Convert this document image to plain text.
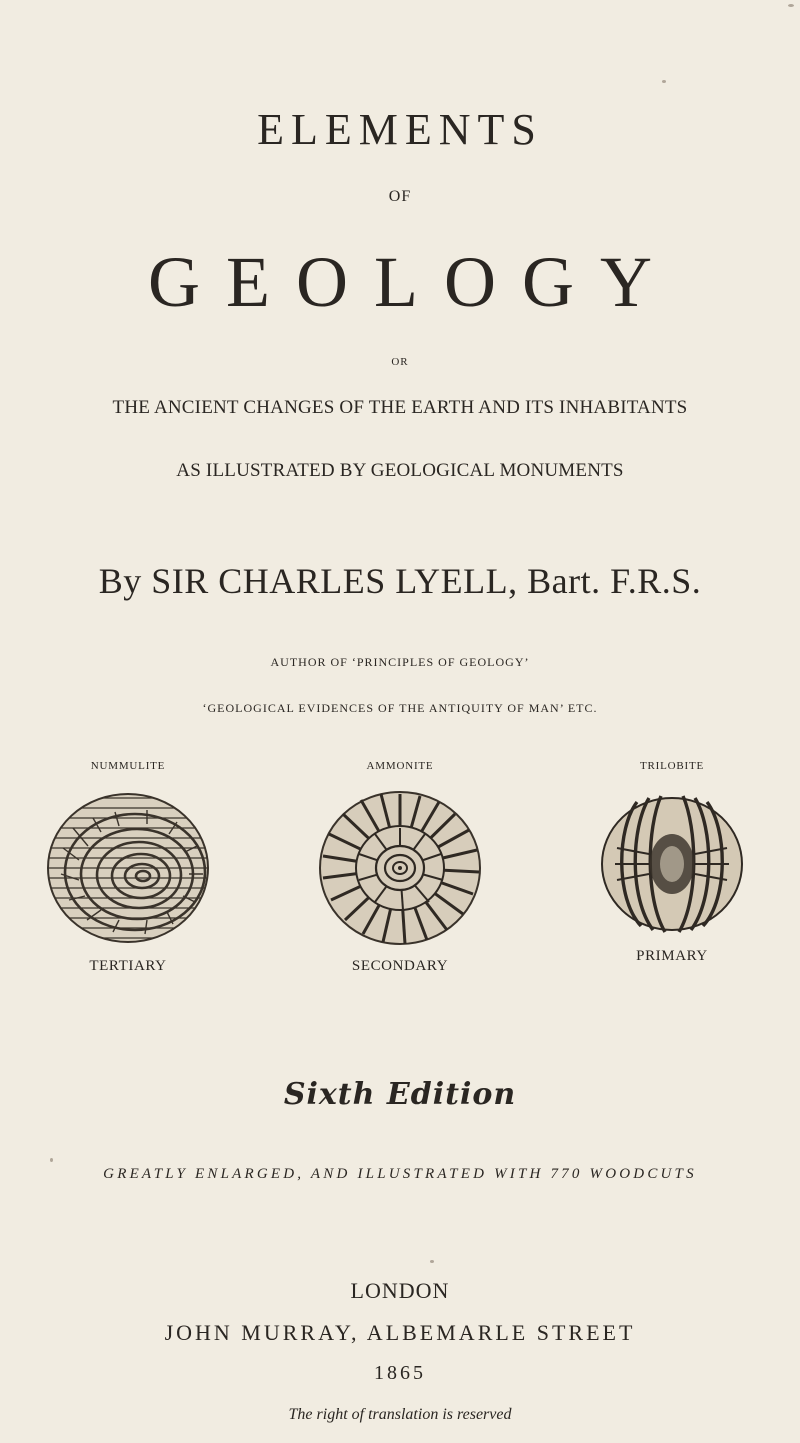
ELEMENTS
OF
GEOLOGY
OR
THE ANCIENT CHANGES OF THE EARTH AND ITS INHABITANTS
AS ILLUSTRATED BY GEOLOGICAL MONUMENTS
By SIR CHARLES LYELL, Bart. F.R.S.
AUTHOR OF ‘PRINCIPLES OF GEOLOGY’
‘GEOLOGICAL EVIDENCES OF THE ANTIQUITY OF MAN’ ETC.
NUMMULITE
TERTIARY
AMMONITE
SECONDARY
TRILOBITE
PRIMARY
Sixth Edition
GREATLY ENLARGED, AND ILLUSTRATED WITH 770 WOODCUTS
LONDON
JOHN MURRAY, ALBEMARLE STREET
1865
The right of translation is reserved
